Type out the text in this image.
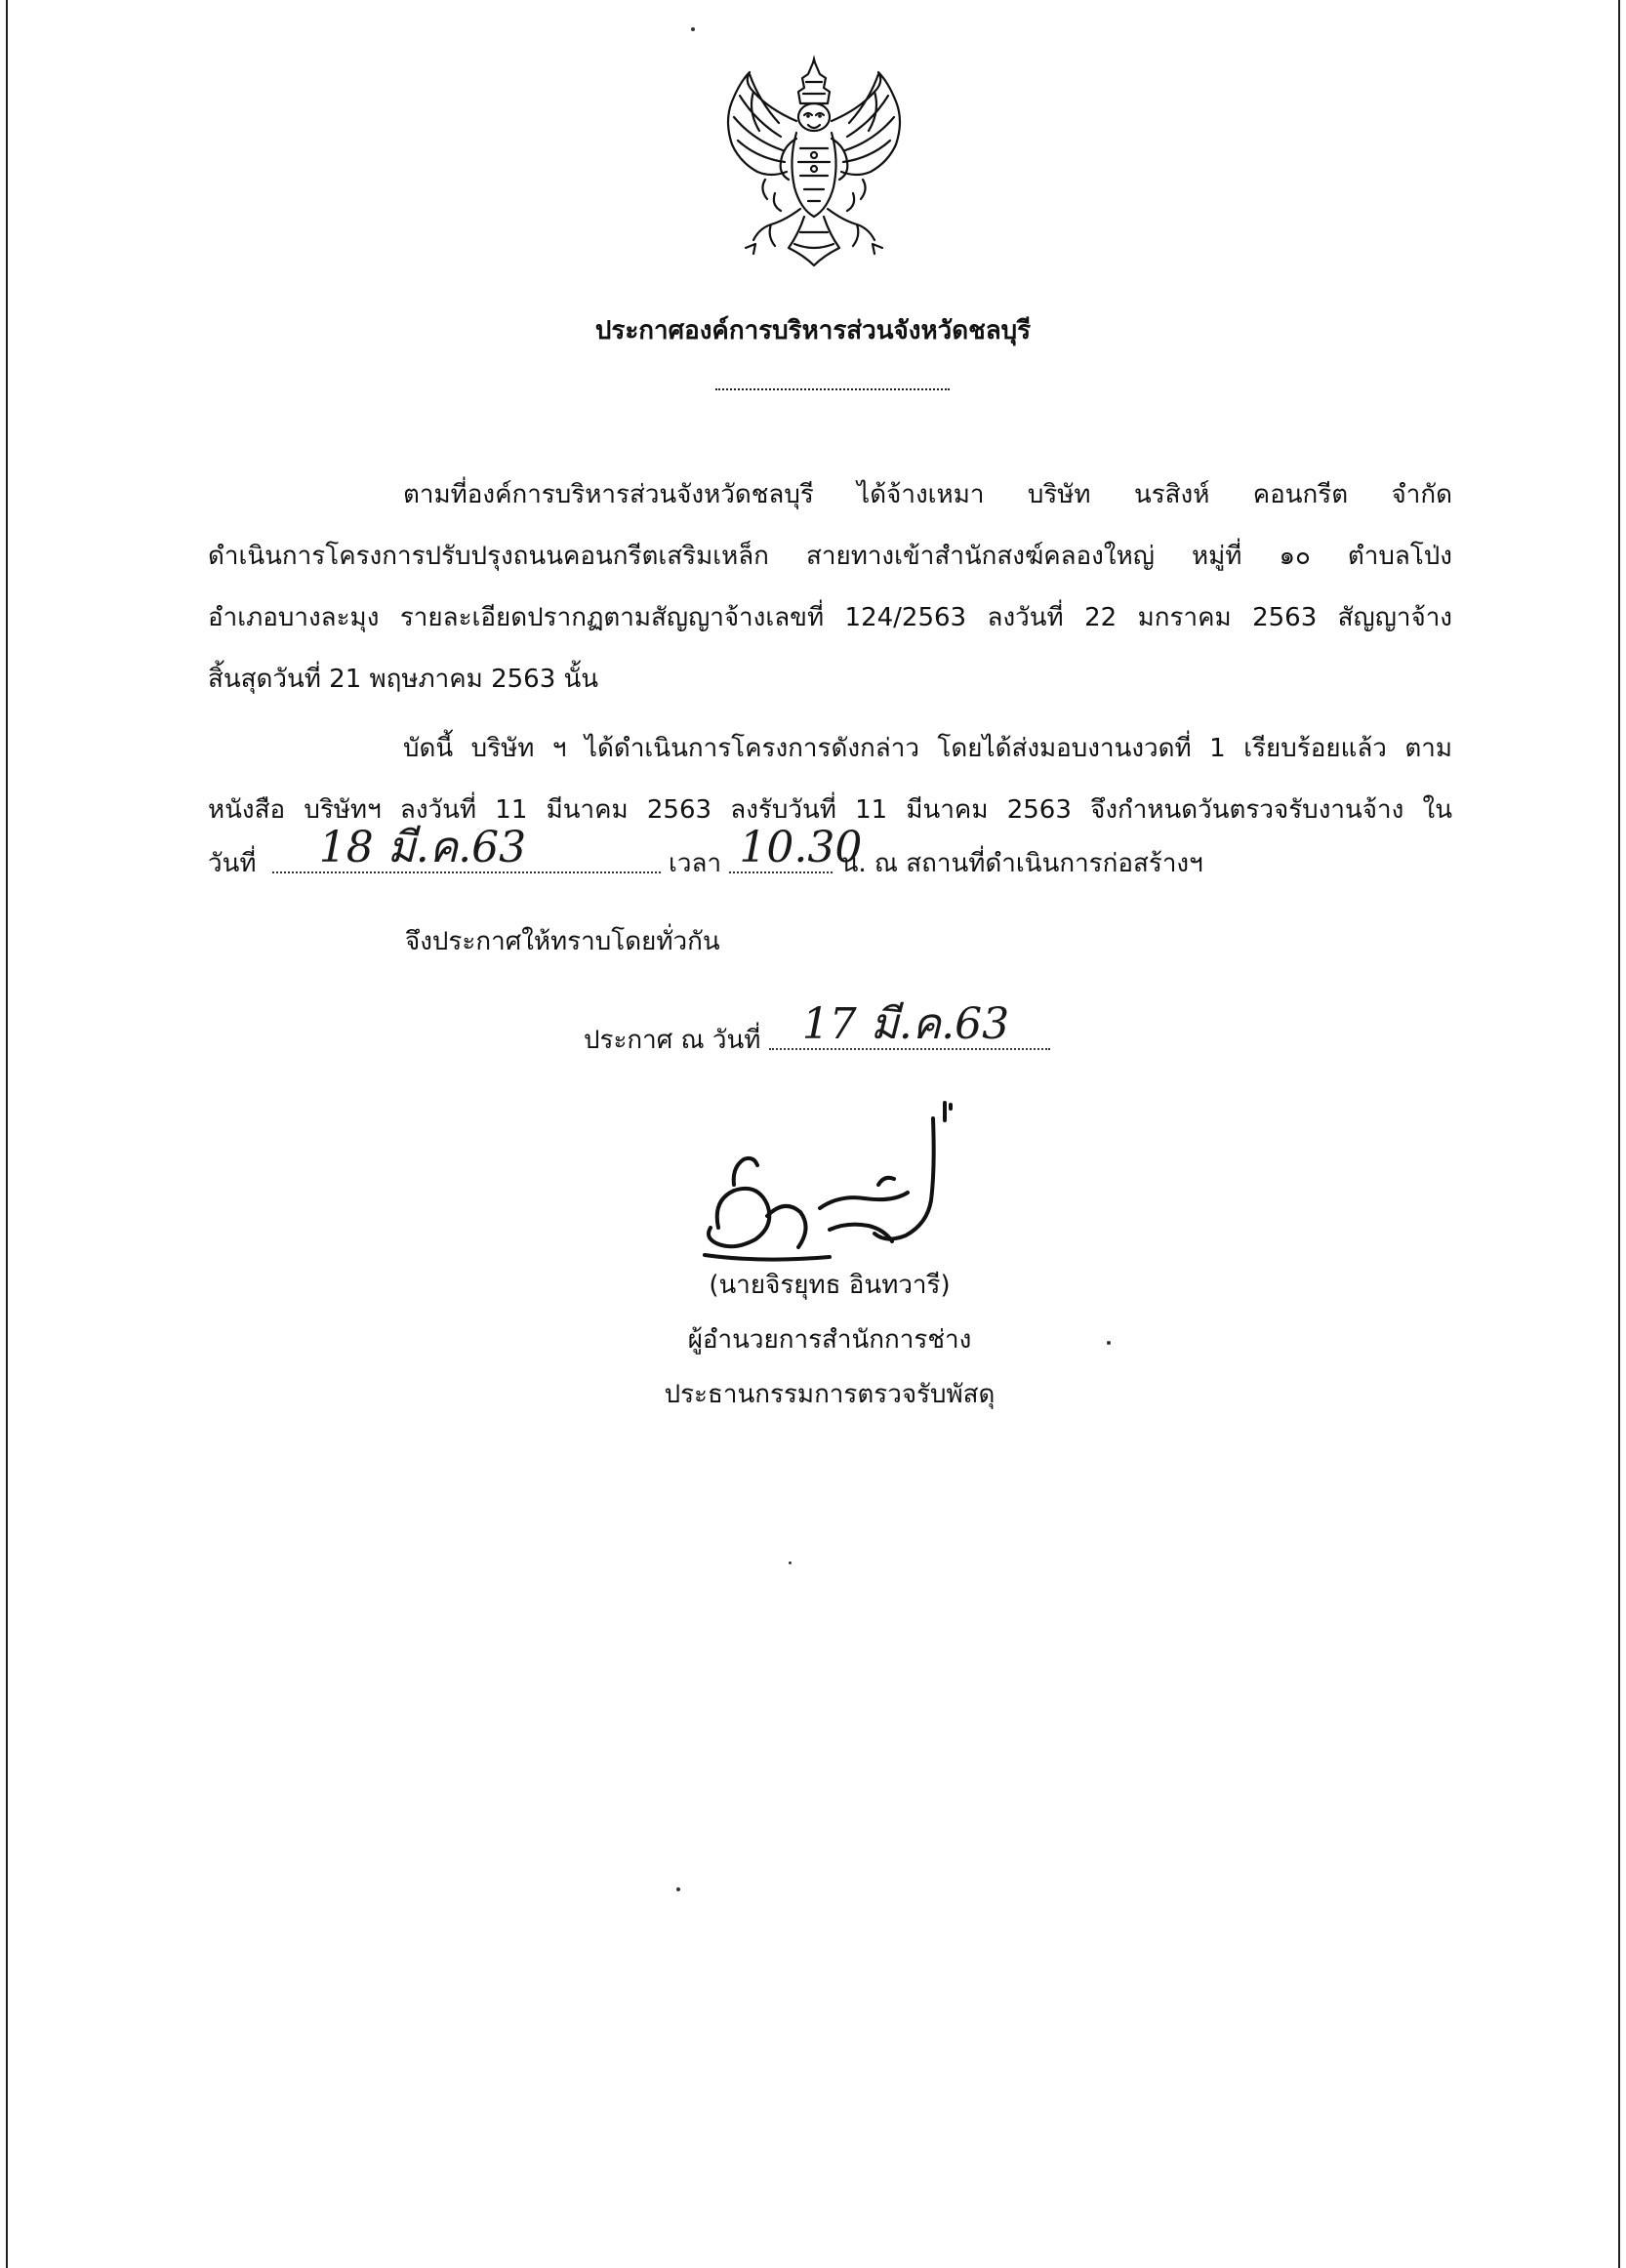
ประกาศองค์การบริหารส่วนจังหวัดชลบุรี
ตามที่องค์การบริหารส่วนจังหวัดชลบุรี ได้จ้างเหมา บริษัท นรสิงห์ คอนกรีต จำกัด
ดำเนินการโครงการปรับปรุงถนนคอนกรีตเสริมเหล็ก สายทางเข้าสำนักสงฆ์คลองใหญ่ หมู่ที่ ๑๐ ตำบลโป่ง
อำเภอบางละมุง รายละเอียดปรากฏตามสัญญาจ้างเลขที่ 124/2563 ลงวันที่ 22 มกราคม 2563 สัญญาจ้าง
สิ้นสุดวันที่ 21 พฤษภาคม 2563 นั้น
บัดนี้ บริษัท ฯ ได้ดำเนินการโครงการดังกล่าว โดยได้ส่งมอบงานงวดที่ 1 เรียบร้อยแล้ว ตาม
หนังสือ บริษัทฯ ลงวันที่ 11 มีนาคม 2563 ลงรับวันที่ 11 มีนาคม 2563 จึงกำหนดวันตรวจรับงานจ้าง ใน
วันที่ 18 มี.ค.63	เวลา 10.30
น. ณ สถานที่ดำเนินการก่อสร้างฯ
จึงประกาศให้ทราบโดยทั่วกัน
ประกาศ ณ วันที่ 17 มี.ค.63
(นายจิรยุทธ อินทวารี)
ผู้อำนวยการสำนักการช่าง
ประธานกรรมการตรวจรับพัสดุ
